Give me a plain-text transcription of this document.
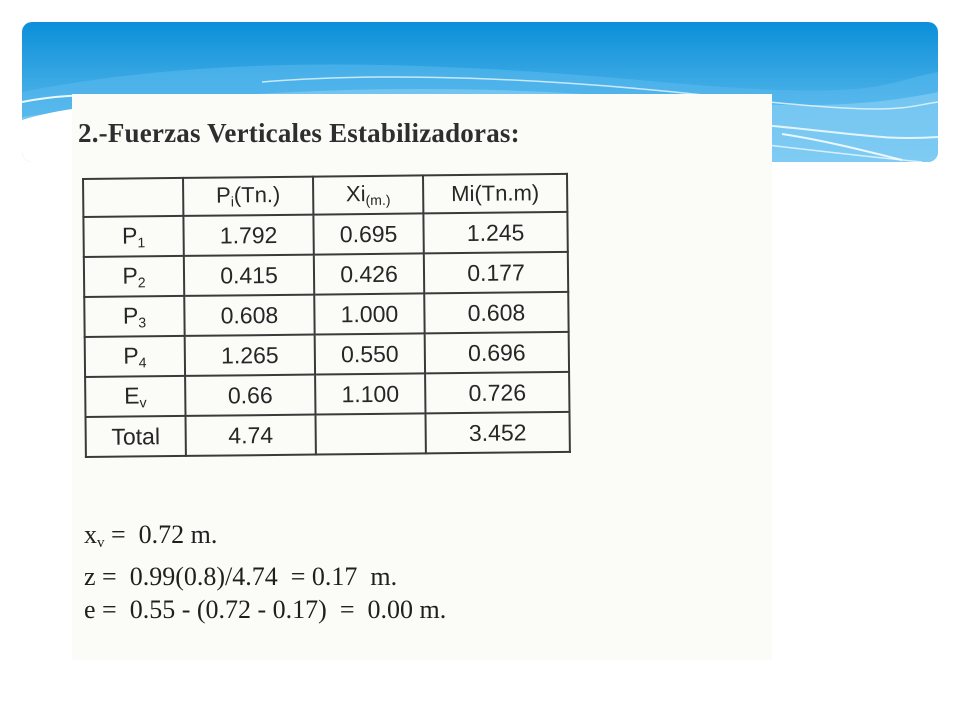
2.-Fuerzas Verticales Estabilizadoras:
	$P_i(Tn.)$	$Xi_{(m.)}$	Mi(Tn.m)
$P_1$	1.792	0.695	1.245
$P_2$	0.415	0.426	0.177
$P_3$	0.608	1.000	0.608
$P_4$	1.265	0.550	0.696
$E_v$	0.66	1.100	0.726
Total	4.74		3.452
$x_v = 0.72$ m.
z =  0.99(0.8)/4.74  = 0.17  m.
e =  0.55 - (0.72 - 0.17)  =  0.00 m.
